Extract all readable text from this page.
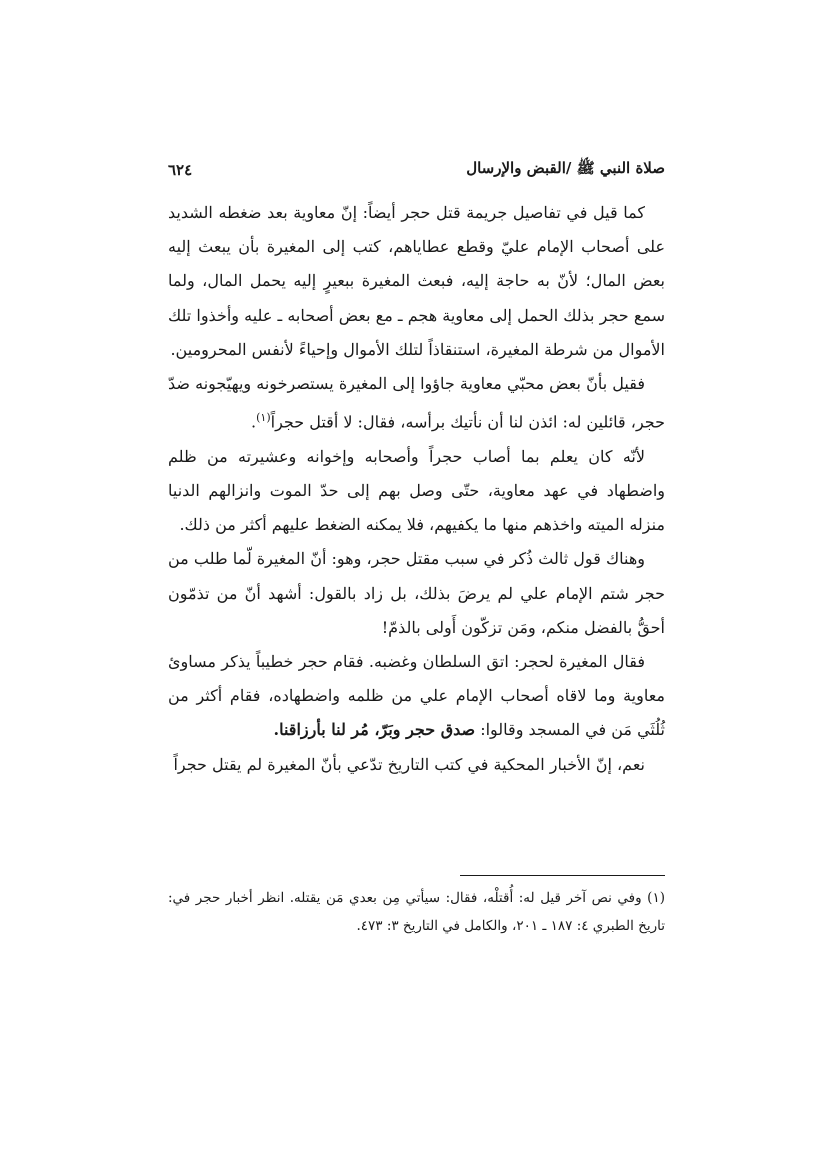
صلاة النبي ﷺ /القبض والإرسال
٦٢٤

كما قيل في تفاصيل جريمة قتل حجر أيضاً: إنّ معاوية بعد ضغطه الشديد على أصحاب الإمام عليّ وقطع عطاياهم، كتب إلى المغيرة بأن يبعث إليه بعض المال؛ لأنّ به حاجة إليه، فبعث المغيرة ببعيرٍ إليه يحمل المال، ولما سمع حجر بذلك الحمل إلى معاوية هجم ـ مع بعض أصحابه ـ عليه وأخذوا تلك الأموال من شرطة المغيرة، استنقاذاً لتلك الأموال وإحياءً لأنفس المحرومين.

فقيل بأنّ بعض محبّي معاوية جاؤوا إلى المغيرة يستصرخونه ويهيّجونه ضدّ حجر، قائلين له: ائذن لنا أن نأتيك برأسه، فقال: لا أقتل حجراً$^{(١)}$.

لأنّه كان يعلم بما أصاب حجراً وأصحابه وإخوانه وعشيرته من ظلم واضطهاد في عهد معاوية، حتّى وصل بهم إلى حدّ الموت وانزالهم الدنيا منزله الميته واخذهم منها ما يكفيهم، فلا يمكنه الضغط عليهم أكثر من ذلك.

وهناك قول ثالث ذُكر في سبب مقتل حجر، وهو: أنّ المغيرة لّما طلب من حجر شتم الإمام علي لم يرضَ بذلك، بل زاد بالقول: أشهد أنّ من تذمّون أحقُّ بالفضل منكم، ومَن تزكّون أَولى بالذمّ!

فقال المغيرة لحجر: اتق السلطان وغضبه. فقام حجر خطيباً يذكر مساوئ معاوية وما لاقاه أصحاب الإمام علي من ظلمه واضطهاده، فقام أكثر من ثُلُثَي مَن في المسجد وقالوا: صدق حجر وبَرّ، مُر لنا بأرزاقنا.

نعم، إنّ الأخبار المحكية في كتب التاريخ تدّعي بأنّ المغيرة لم يقتل حجراً

(١) وفي نص آخر قيل له: أُقتلْه، فقال: سيأتي مِن بعدي مَن يقتله. انظر أخبار حجر في: تاريخ الطبري ٤: ١٨٧ ـ ٢٠١، والكامل في التاريخ ٣: ٤٧٣.
